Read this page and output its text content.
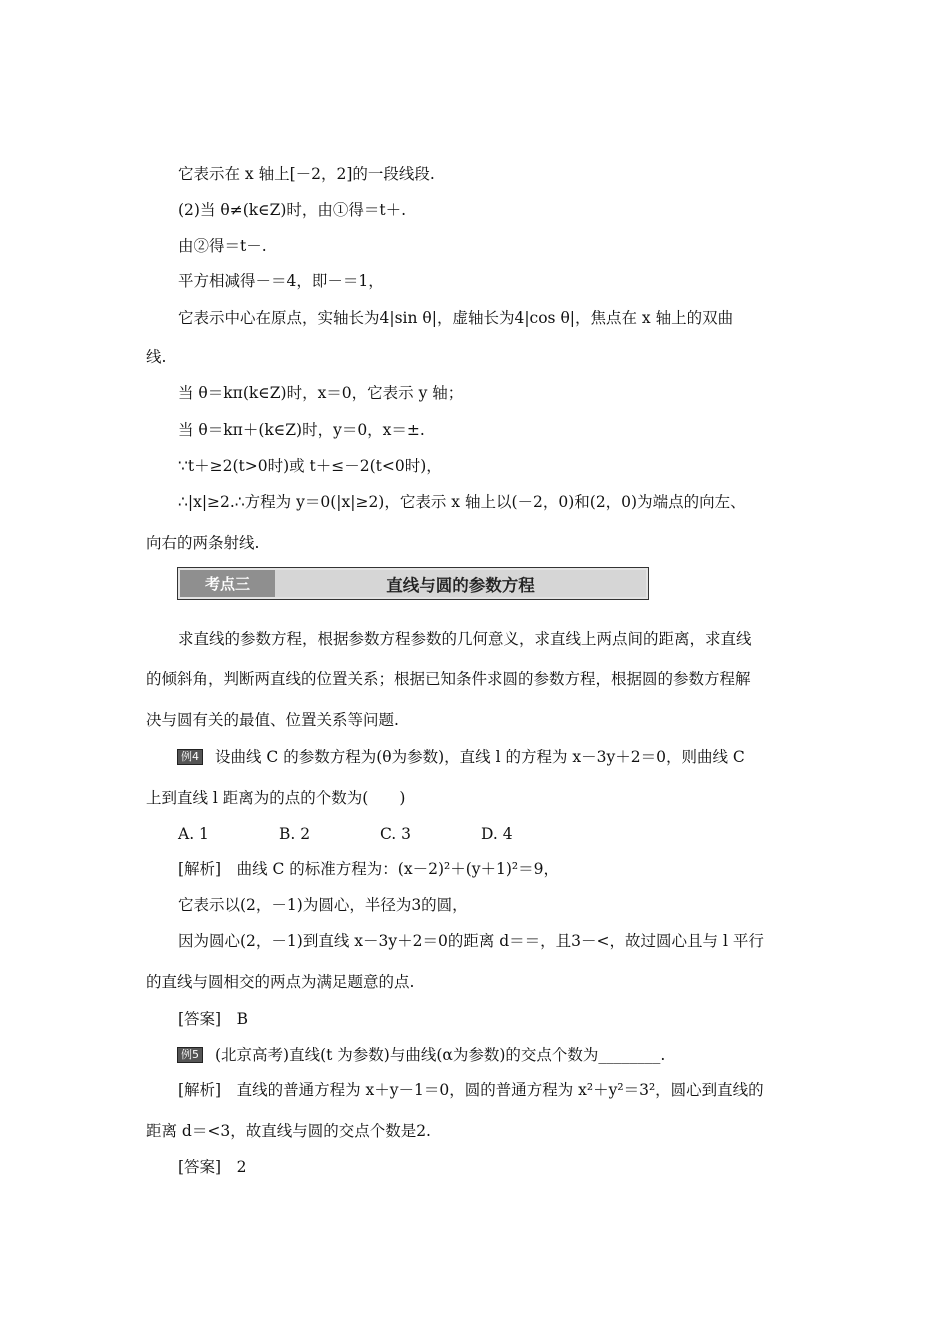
它表示在 x 轴上[－2，2]的一段线段.
(2)当 θ≠(k∈Z)时，由①得＝t＋.
由②得＝t－.
平方相减得－＝4，即－＝1，
它表示中心在原点，实轴长为4|sin θ|，虚轴长为4|cos θ|，焦点在 x 轴上的双曲
线.
当 θ＝kπ(k∈Z)时，x＝0，它表示 y 轴；
当 θ＝kπ＋(k∈Z)时，y＝0，x＝±.
∵t＋≥2(t>0时)或 t＋≤－2(t<0时)，
∴|x|≥2.∴方程为 y＝0(|x|≥2)，它表示 x 轴上以(－2，0)和(2，0)为端点的向左、
向右的两条射线.
考点三	直线与圆的参数方程
求直线的参数方程，根据参数方程参数的几何意义，求直线上两点间的距离，求直线
的倾斜角，判断两直线的位置关系；根据已知条件求圆的参数方程，根据圆的参数方程解
决与圆有关的最值、位置关系等问题.
例4 设曲线 C 的参数方程为(θ为参数)，直线 l 的方程为 x－3y＋2＝0，则曲线 C
上到直线 l 距离为的点的个数为(　　)
A. 1	B. 2	C. 3	D. 4
[解析]　曲线 C 的标准方程为：(x－2)²＋(y＋1)²＝9，
它表示以(2，－1)为圆心，半径为3的圆，
因为圆心(2，－1)到直线 x－3y＋2＝0的距离 d＝＝，且3－<，故过圆心且与 l 平行
的直线与圆相交的两点为满足题意的点.
[答案]　B
例5 (北京高考)直线(t 为参数)与曲线(α为参数)的交点个数为________.
[解析]　直线的普通方程为 x＋y－1＝0，圆的普通方程为 x²＋y²＝3²，圆心到直线的
距离 d＝<3，故直线与圆的交点个数是2.
[答案]　2
